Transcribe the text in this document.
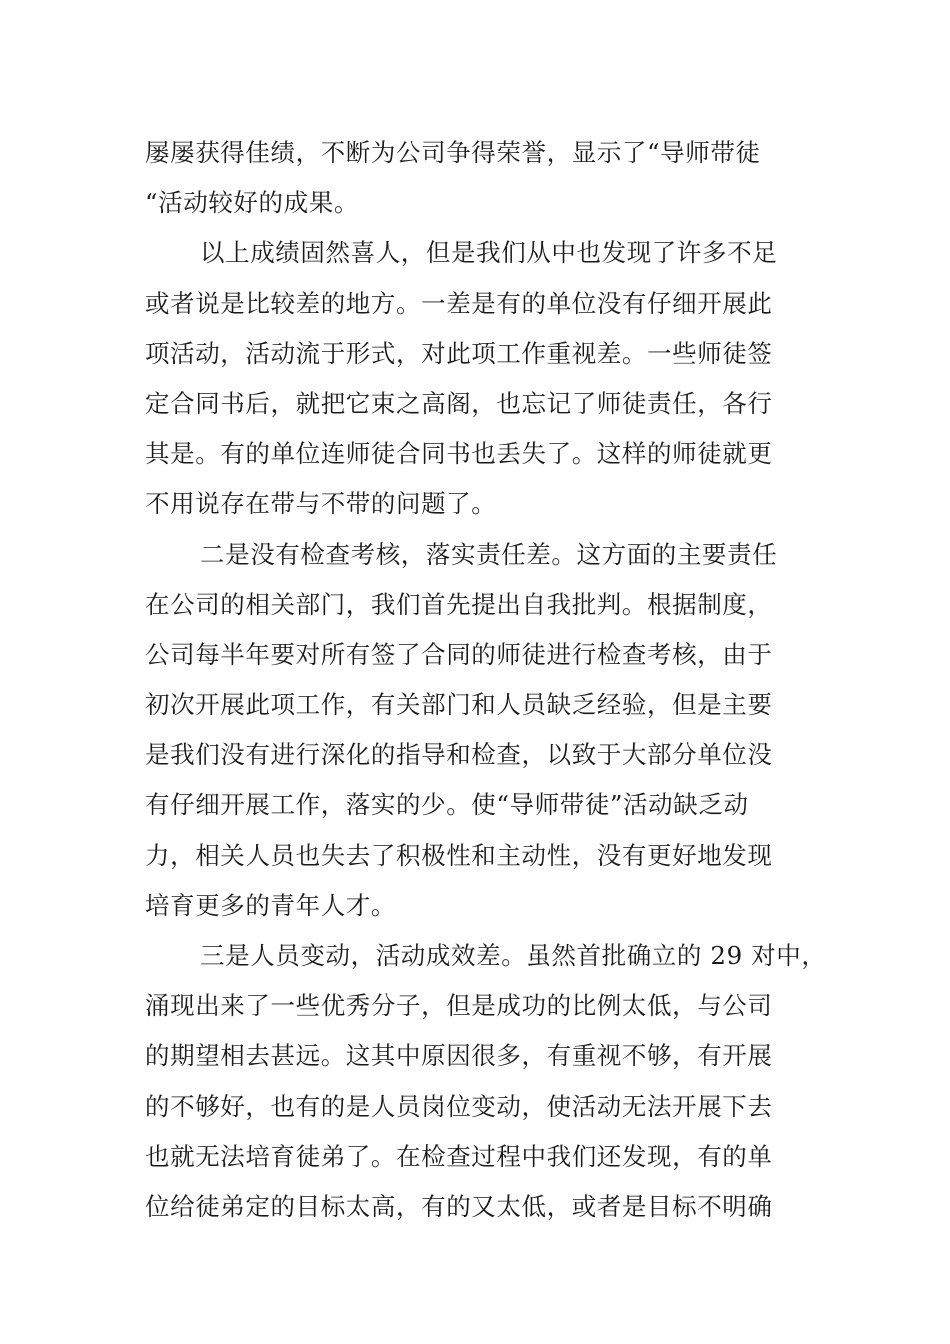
屡屡获得佳绩，不断为公司争得荣誉，显示了“导师带徒
“活动较好的成果。
以上成绩固然喜人，但是我们从中也发现了许多不足
或者说是比较差的地方。一差是有的单位没有仔细开展此
项活动，活动流于形式，对此项工作重视差。一些师徒签
定合同书后，就把它束之高阁，也忘记了师徒责任，各行
其是。有的单位连师徒合同书也丢失了。这样的师徒就更
不用说存在带与不带的问题了。
二是没有检查考核，落实责任差。这方面的主要责任
在公司的相关部门，我们首先提出自我批判。根据制度，
公司每半年要对所有签了合同的师徒进行检查考核，由于
初次开展此项工作，有关部门和人员缺乏经验，但是主要
是我们没有进行深化的指导和检查，以致于大部分单位没
有仔细开展工作，落实的少。使“导师带徒”活动缺乏动
力，相关人员也失去了积极性和主动性，没有更好地发现
培育更多的青年人才。
三是人员变动，活动成效差。虽然首批确立的 29 对中，
涌现出来了一些优秀分子，但是成功的比例太低，与公司
的期望相去甚远。这其中原因很多，有重视不够，有开展
的不够好，也有的是人员岗位变动，使活动无法开展下去
也就无法培育徒弟了。在检查过程中我们还发现，有的单
位给徒弟定的目标太高，有的又太低，或者是目标不明确
